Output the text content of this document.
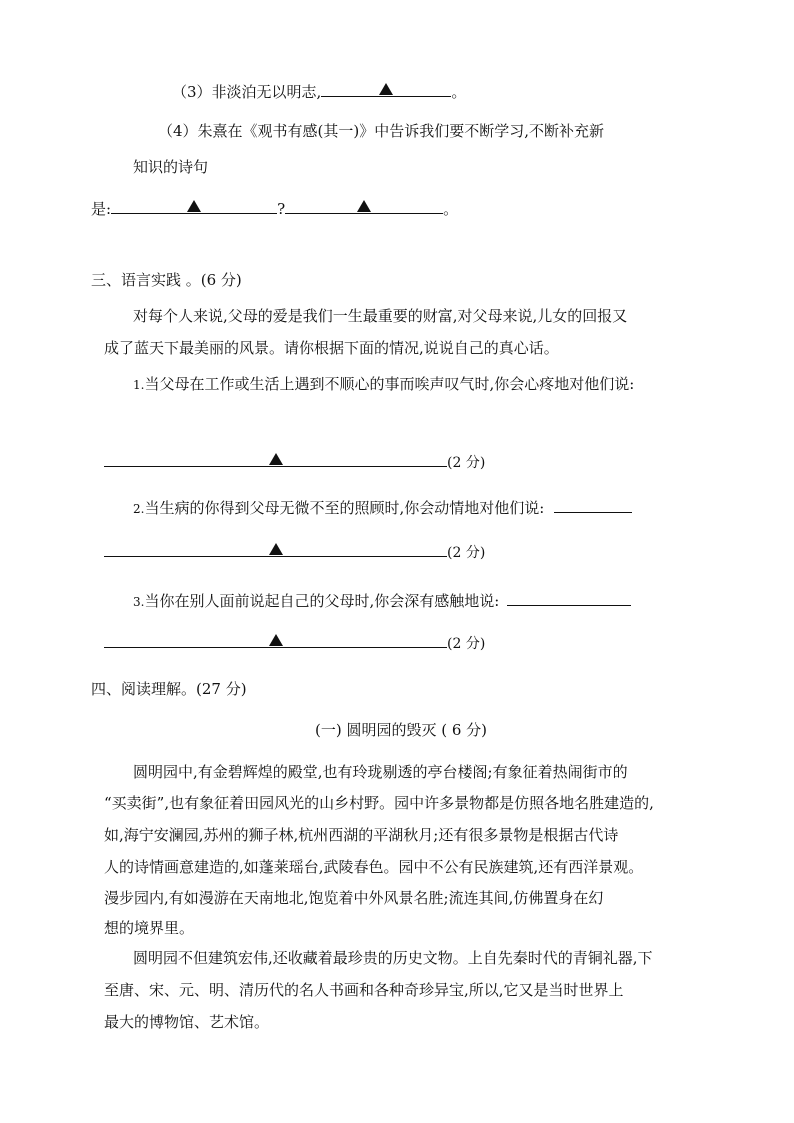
（3）非淡泊无以明志,	。
（4）朱熹在《观书有感(其一)》中告诉我们要不断学习,不断补充新
知识的诗句
是:	?	。
三、语言实践 。(6 分)
对每个人来说,父母的爱是我们一生最重要的财富,对父母来说,儿女的回报又
成了蓝天下最美丽的风景。请你根据下面的情况,说说自己的真心话。
1.当父母在工作或生活上遇到不顺心的事而唉声叹气时,你会心疼地对他们说:
(2 分)
2.当生病的你得到父母无微不至的照顾时,你会动情地对他们说:
(2 分)
3.当你在别人面前说起自己的父母时,你会深有感触地说:
(2 分)
四、阅读理解。(27 分)
(一) 圆明园的毁灭 ( 6 分)
圆明园中,有金碧辉煌的殿堂,也有玲珑剔透的亭台楼阁;有象征着热闹街市的
“买卖街”,也有象征着田园风光的山乡村野。园中许多景物都是仿照各地名胜建造的,
如,海宁安澜园,苏州的狮子林,杭州西湖的平湖秋月;还有很多景物是根据古代诗
人的诗情画意建造的,如蓬莱瑶台,武陵春色。园中不公有民族建筑,还有西洋景观。
漫步园内,有如漫游在天南地北,饱览着中外风景名胜;流连其间,仿佛置身在幻
想的境界里。
圆明园不但建筑宏伟,还收藏着最珍贵的历史文物。上自先秦时代的青铜礼器,下
至唐、宋、元、明、清历代的名人书画和各种奇珍异宝,所以,它又是当时世界上
最大的博物馆、艺术馆。
